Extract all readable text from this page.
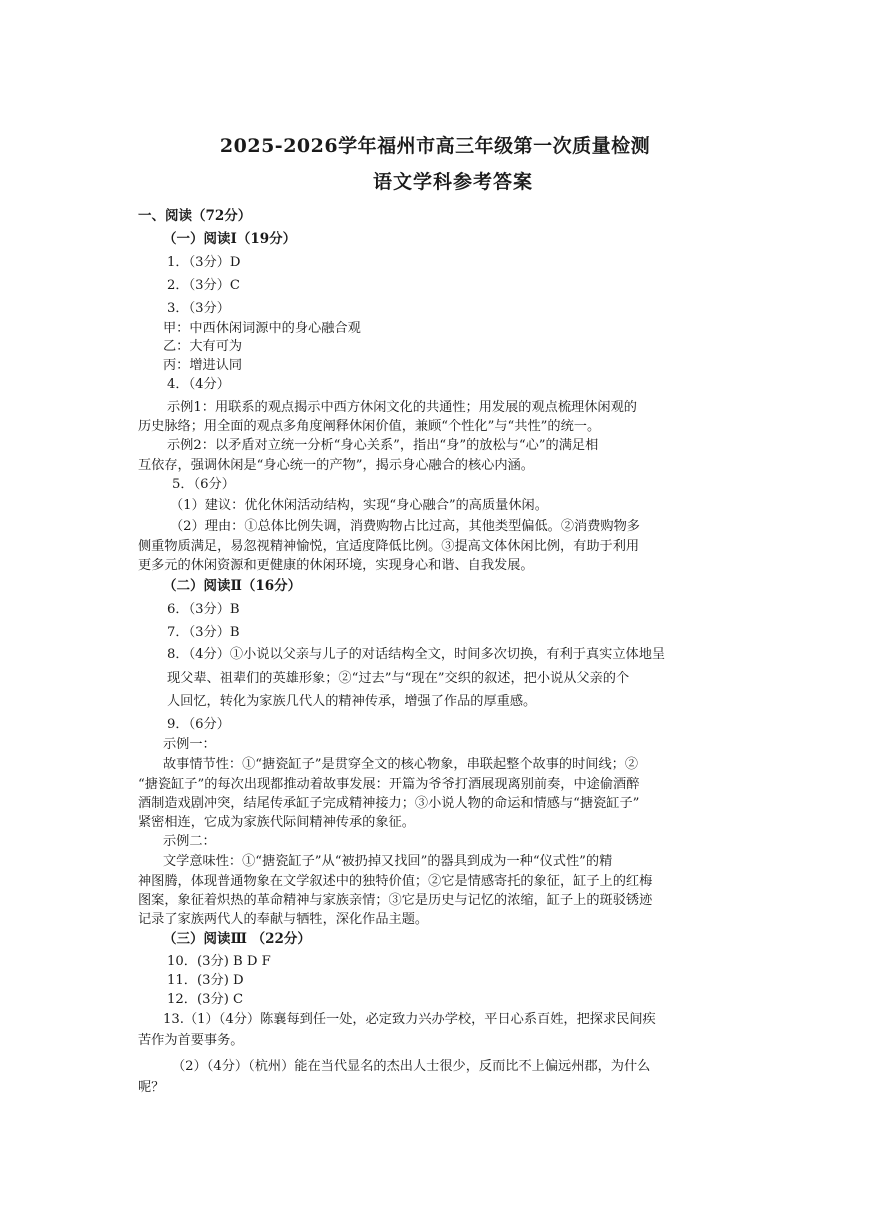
2025-2026学年福州市高三年级第一次质量检测
语文学科参考答案
一、阅读（72分）
（一）阅读Ⅰ（19分）
1．（3分）D
2．（3分）C
3．（3分）
甲：中西休闲词源中的身心融合观
乙：大有可为
丙：增进认同
4．（4分）
示例1：用联系的观点揭示中西方休闲文化的共通性；用发展的观点梳理休闲观的
历史脉络；用全面的观点多角度阐释休闲价值，兼顾“个性化”与“共性”的统一。
示例2：以矛盾对立统一分析“身心关系”，指出“身”的放松与“心”的满足相
互依存，强调休闲是“身心统一的产物”，揭示身心融合的核心内涵。
5．（6分）
（1）建议：优化休闲活动结构，实现“身心融合”的高质量休闲。
（2）理由：①总体比例失调，消费购物占比过高，其他类型偏低。②消费购物多
侧重物质满足，易忽视精神愉悦，宜适度降低比例。③提高文体休闲比例，有助于利用
更多元的休闲资源和更健康的休闲环境，实现身心和谐、自我发展。
（二）阅读Ⅱ（16分）
6．（3分）B
7．（3分）B
8．（4分）①小说以父亲与儿子的对话结构全文，时间多次切换，有利于真实立体地呈
现父辈、祖辈们的英雄形象；②“过去”与“现在”交织的叙述，把小说从父亲的个
人回忆，转化为家族几代人的精神传承，增强了作品的厚重感。
9．（6分）
示例一：
故事情节性：①“搪瓷缸子”是贯穿全文的核心物象，串联起整个故事的时间线；②
“搪瓷缸子”的每次出现都推动着故事发展：开篇为爷爷打酒展现离别前奏，中途偷酒醉
酒制造戏剧冲突，结尾传承缸子完成精神接力；③小说人物的命运和情感与“搪瓷缸子”
紧密相连，它成为家族代际间精神传承的象征。
示例二：
文学意味性：①“搪瓷缸子”从“被扔掉又找回”的器具到成为一种“仪式性”的精
神图腾，体现普通物象在文学叙述中的独特价值；②它是情感寄托的象征，缸子上的红梅
图案，象征着炽热的革命精神与家族亲情；③它是历史与记忆的浓缩，缸子上的斑驳锈迹
记录了家族两代人的奉献与牺牲，深化作品主题。
（三）阅读Ⅲ （22分）
10．(3分) B D F
11．(3分) D
12．(3分) C
13.（1）（4分）陈襄每到任一处，必定致力兴办学校，平日心系百姓，把探求民间疾
苦作为首要事务。
（2）（4分）（杭州）能在当代显名的杰出人士很少，反而比不上偏远州郡，为什么
呢？
